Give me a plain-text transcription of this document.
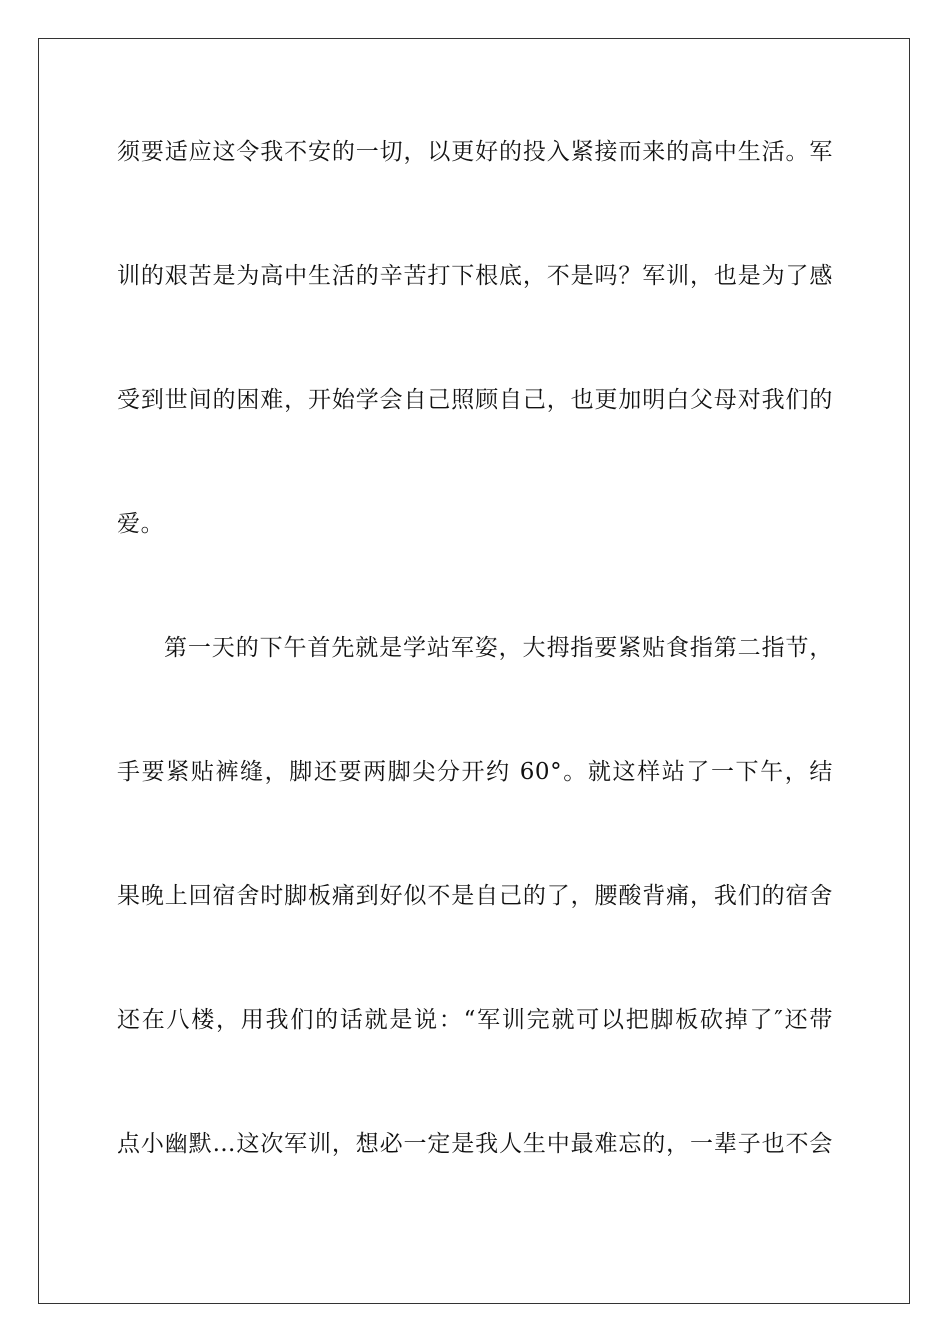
须要适应这令我不安的一切，以更好的投入紧接而来的高中生活。军
训的艰苦是为高中生活的辛苦打下根底，不是吗？军训，也是为了感
受到世间的困难，开始学会自己照顾自己，也更加明白父母对我们的
爱。
第一天的下午首先就是学站军姿，大拇指要紧贴食指第二指节，
手要紧贴裤缝，脚还要两脚尖分开约 60°。就这样站了一下午，结
果晚上回宿舍时脚板痛到好似不是自己的了，腰酸背痛，我们的宿舍
还在八楼，用我们的话就是说：“军训完就可以把脚板砍掉了″还带
点小幽默…这次军训，想必一定是我人生中最难忘的，一辈子也不会
